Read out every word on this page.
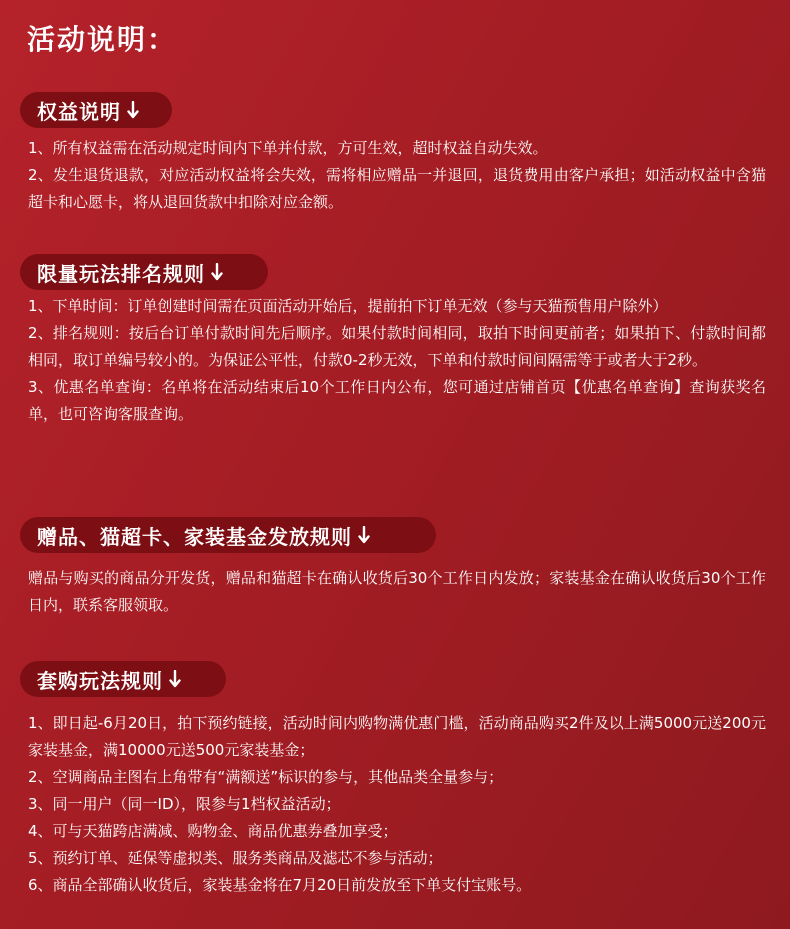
活动说明：
权益说明

1、所有权益需在活动规定时间内下单并付款，方可生效，超时权益自动失效。

2、发生退货退款，对应活动权益将会失效，需将相应赠品一并退回，退货费用由客户承担；如活动权益中含猫超卡和心愿卡，将从退回货款中扣除对应金额。

限量玩法排名规则

1、下单时间：订单创建时间需在页面活动开始后，提前拍下订单无效（参与天猫预售用户除外）

2、排名规则：按后台订单付款时间先后顺序。如果付款时间相同，取拍下时间更前者；如果拍下、付款时间都相同，取订单编号较小的。为保证公平性，付款0-2秒无效，下单和付款时间间隔需等于或者大于2秒。

3、优惠名单查询：名单将在活动结束后10个工作日内公布，您可通过店铺首页【优惠名单查询】查询获奖名单，也可咨询客服查询。

赠品、猫超卡、家装基金发放规则

赠品与购买的商品分开发货，赠品和猫超卡在确认收货后30个工作日内发放；家装基金在确认收货后30个工作日内，联系客服领取。

套购玩法规则

1、即日起-6月20日，拍下预约链接，活动时间内购物满优惠门槛，活动商品购买2件及以上满5000元送200元家装基金，满10000元送500元家装基金；

2、空调商品主图右上角带有“满额送”标识的参与，其他品类全量参与；

3、同一用户（同一ID），限参与1档权益活动；

4、可与天猫跨店满减、购物金、商品优惠券叠加享受；

5、预约订单、延保等虚拟类、服务类商品及滤芯不参与活动；

6、商品全部确认收货后，家装基金将在7月20日前发放至下单支付宝账号。
